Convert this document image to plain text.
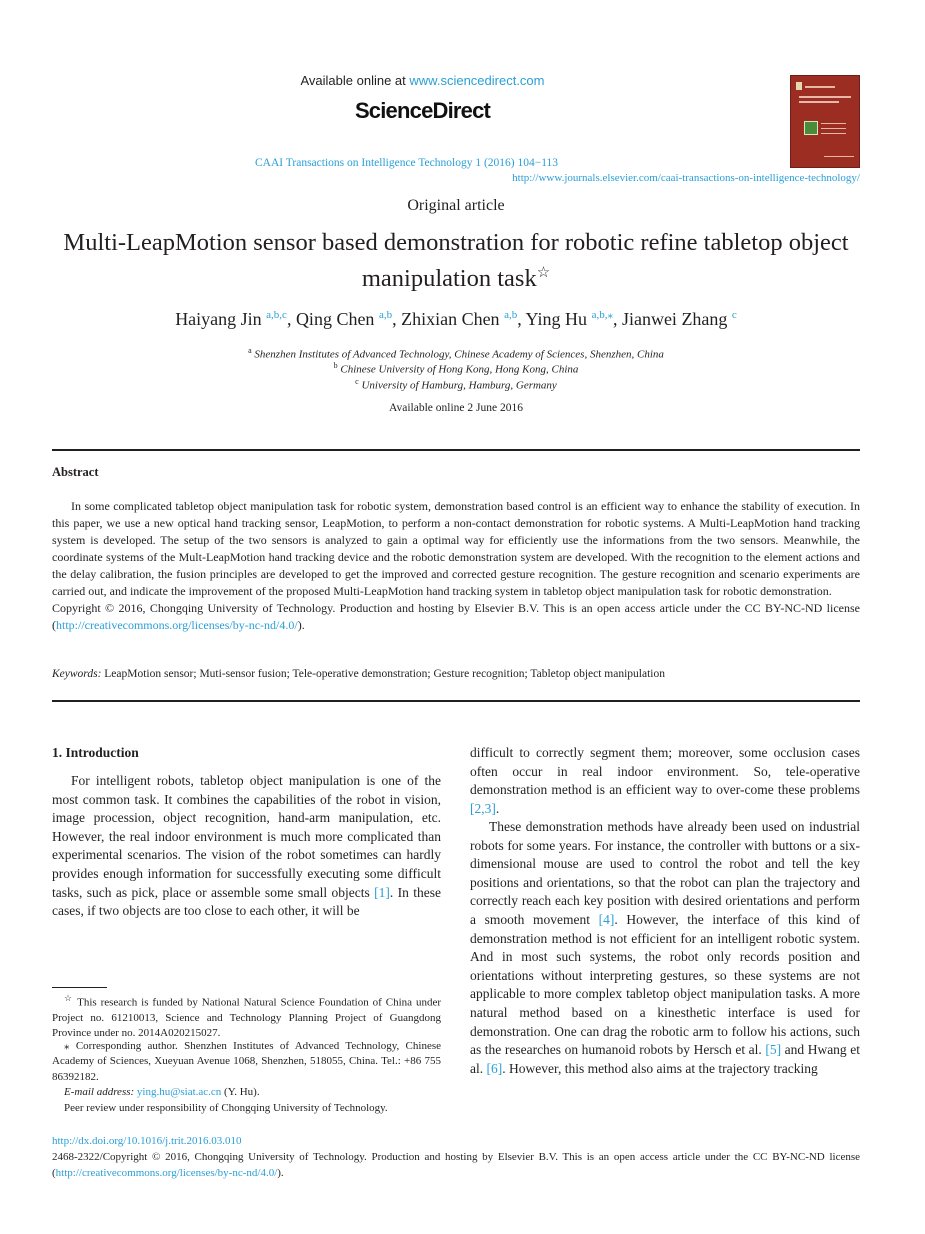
Available online at www.sciencedirect.com
ScienceDirect
CAAI Transactions on Intelligence Technology 1 (2016) 104−113
http://www.journals.elsevier.com/caai-transactions-on-intelligence-technology/
Original article
Multi-LeapMotion sensor based demonstration for robotic refine tabletop object manipulation task☆
Haiyang Jin $^{a,b,c}$, Qing Chen $^{a,b}$, Zhixian Chen $^{a,b}$, Ying Hu $^{a,b,⁎}$, Jianwei Zhang $^c$
$^a$ Shenzhen Institutes of Advanced Technology, Chinese Academy of Sciences, Shenzhen, China
$^b$ Chinese University of Hong Kong, Hong Kong, China
$^c$ University of Hamburg, Hamburg, Germany
Available online 2 June 2016
Abstract

In some complicated tabletop object manipulation task for robotic system, demonstration based control is an efficient way to enhance the stability of execution. In this paper, we use a new optical hand tracking sensor, LeapMotion, to perform a non-contact demonstration for robotic systems. A Multi-LeapMotion hand tracking system is developed. The setup of the two sensors is analyzed to gain a optimal way for efficiently use the informations from the two sensors. Meanwhile, the coordinate systems of the Mult-LeapMotion hand tracking device and the robotic demonstration system are developed. With the recognition to the element actions and the delay calibration, the fusion principles are developed to get the improved and corrected gesture recognition. The gesture recognition and scenario experiments are carried out, and indicate the improvement of the proposed Multi-LeapMotion hand tracking system in tabletop object manipulation task for robotic demonstration.
Copyright © 2016, Chongqing University of Technology. Production and hosting by Elsevier B.V. This is an open access article under the CC BY-NC-ND license (http://creativecommons.org/licenses/by-nc-nd/4.0/).

Keywords: LeapMotion sensor; Muti-sensor fusion; Tele-operative demonstration; Gesture recognition; Tabletop object manipulation
1. Introduction

For intelligent robots, tabletop object manipulation is one of the most common task. It combines the capabilities of the robot in vision, image procession, object recognition, hand-arm manipulation, etc. However, the real indoor environment is much more complicated than experimental scenarios. The vision of the robot sometimes can hardly provides enough information for successfully executing some difficult tasks, such as pick, place or assemble some small objects [1]. In these cases, if two objects are too close to each other, it will be

difficult to correctly segment them; moreover, some occlusion cases often occur in real indoor environment. So, tele-operative demonstration method is an efficient way to over-come these problems [2,3].

These demonstration methods have already been used on industrial robots for some years. For instance, the controller with buttons or a six-dimensional mouse are used to control the robot and tell the key positions and orientations, so that the robot can plan the trajectory and correctly reach each key position with desired orientations and perform a smooth movement [4]. However, the interface of this kind of demonstration method is not efficient for an intelligent robotic system. And in most such systems, the robot only records position and orientations without interpreting gestures, so these systems are not applicable to more complex tabletop object manipulation tasks. A more natural method based on a kinesthetic interface is used for demonstration. One can drag the robotic arm to follow his actions, such as the researches on humanoid robots by Hersch et al. [5] and Hwang et al. [6]. However, this method also aims at the trajectory tracking

☆ This research is funded by National Natural Science Foundation of China under Project no. 61210013, Science and Technology Planning Project of Guangdong Province under no. 2014A020215027.

⁎ Corresponding author. Shenzhen Institutes of Advanced Technology, Chinese Academy of Sciences, Xueyuan Avenue 1068, Shenzhen, 518055, China. Tel.: +86 755 86392182.

E-mail address: ying.hu@siat.ac.cn (Y. Hu).

Peer review under responsibility of Chongqing University of Technology.

http://dx.doi.org/10.1016/j.trit.2016.03.010

2468-2322/Copyright © 2016, Chongqing University of Technology. Production and hosting by Elsevier B.V. This is an open access article under the CC BY-NC-ND license (http://creativecommons.org/licenses/by-nc-nd/4.0/).
